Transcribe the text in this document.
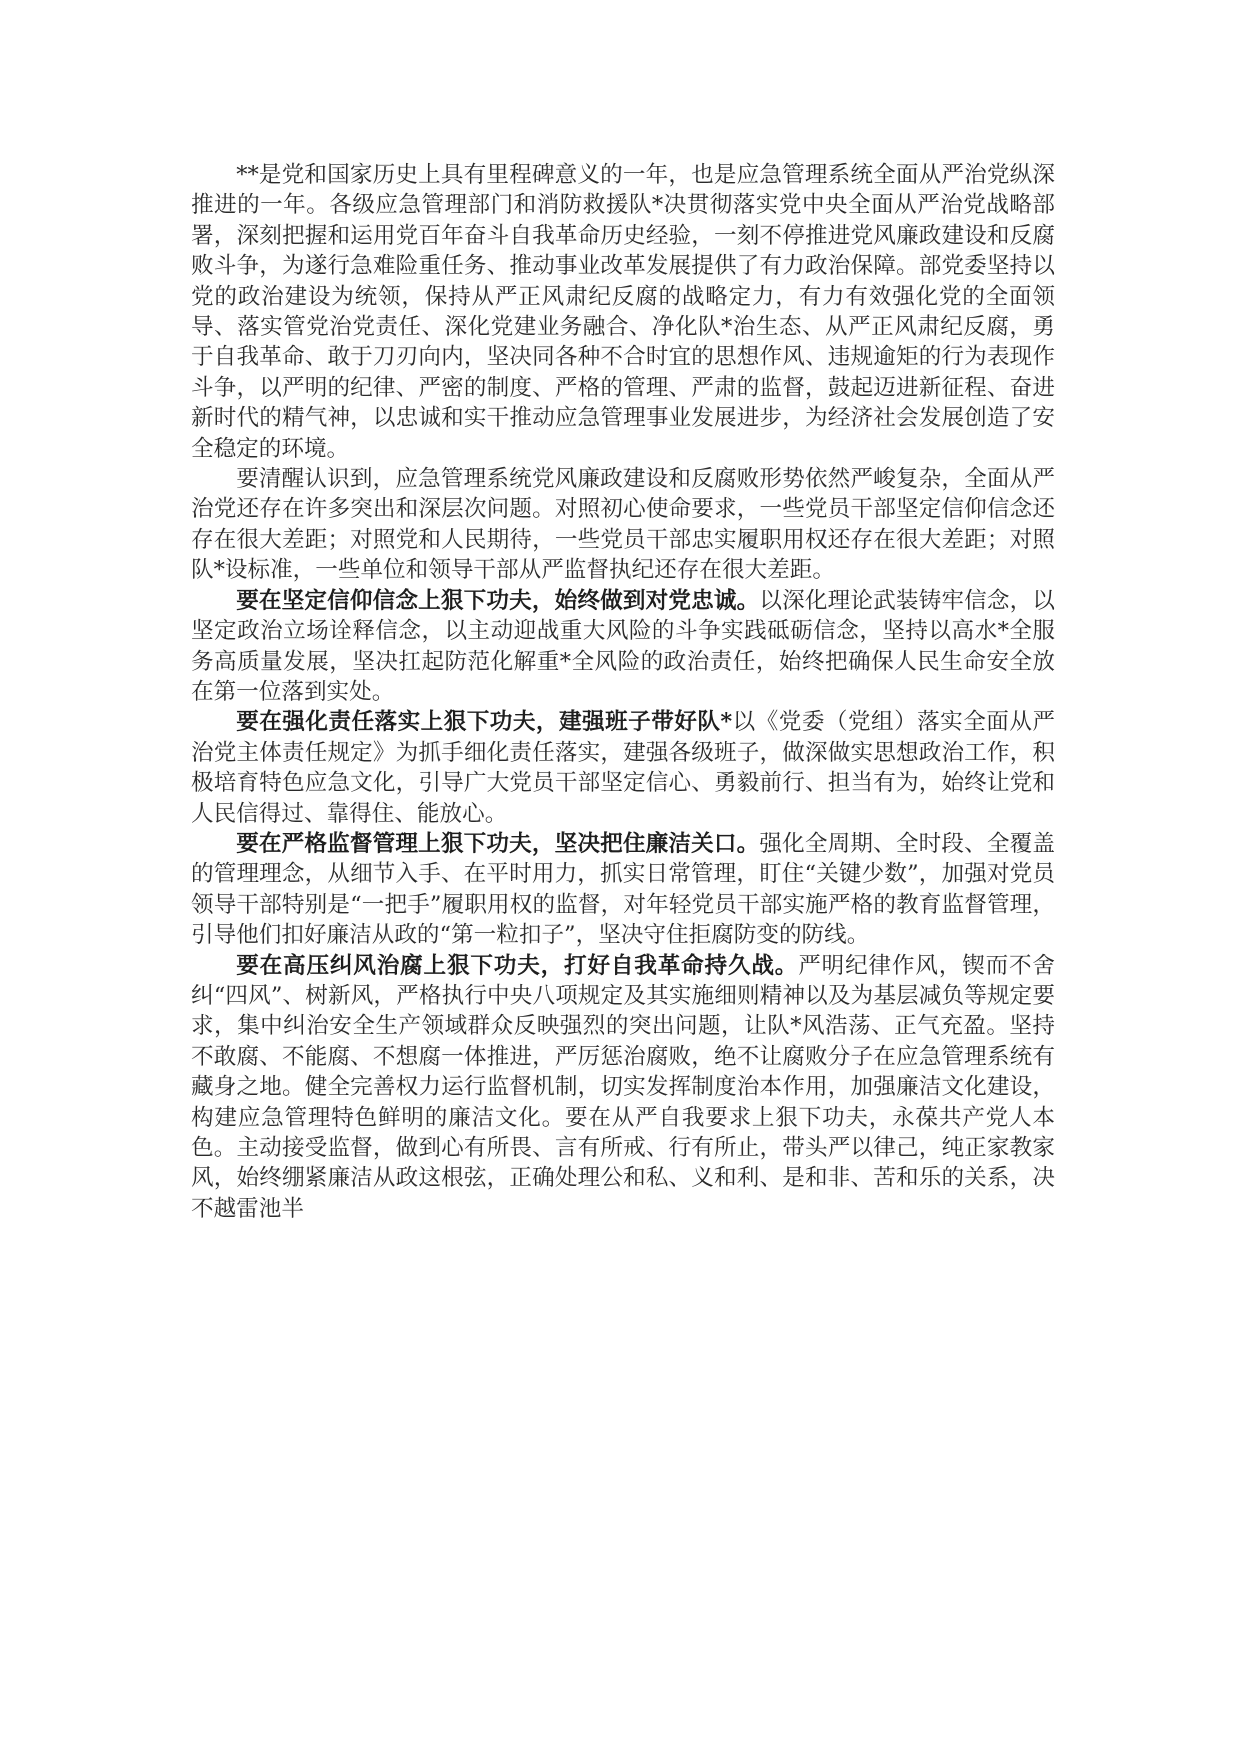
**是党和国家历史上具有里程碑意义的一年，也是应急管理系统全面从严治党纵深推进的一年。各级应急管理部门和消防救援队*决贯彻落实党中央全面从严治党战略部署，深刻把握和运用党百年奋斗自我革命历史经验，一刻不停推进党风廉政建设和反腐败斗争，为遂行急难险重任务、推动事业改革发展提供了有力政治保障。部党委坚持以党的政治建设为统领，保持从严正风肃纪反腐的战略定力，有力有效强化党的全面领导、落实管党治党责任、深化党建业务融合、净化队*治生态、从严正风肃纪反腐，勇于自我革命、敢于刀刃向内，坚决同各种不合时宜的思想作风、违规逾矩的行为表现作斗争，以严明的纪律、严密的制度、严格的管理、严肃的监督，鼓起迈进新征程、奋进新时代的精气神，以忠诚和实干推动应急管理事业发展进步，为经济社会发展创造了安全稳定的环境。

要清醒认识到，应急管理系统党风廉政建设和反腐败形势依然严峻复杂，全面从严治党还存在许多突出和深层次问题。对照初心使命要求，一些党员干部坚定信仰信念还存在很大差距；对照党和人民期待，一些党员干部忠实履职用权还存在很大差距；对照队*设标准，一些单位和领导干部从严监督执纪还存在很大差距。

要在坚定信仰信念上狠下功夫，始终做到对党忠诚。以深化理论武装铸牢信念，以坚定政治立场诠释信念，以主动迎战重大风险的斗争实践砥砺信念，坚持以高水*全服务高质量发展，坚决扛起防范化解重*全风险的政治责任，始终把确保人民生命安全放在第一位落到实处。

要在强化责任落实上狠下功夫，建强班子带好队*以《党委（党组）落实全面从严治党主体责任规定》为抓手细化责任落实，建强各级班子，做深做实思想政治工作，积极培育特色应急文化，引导广大党员干部坚定信心、勇毅前行、担当有为，始终让党和人民信得过、靠得住、能放心。

要在严格监督管理上狠下功夫，坚决把住廉洁关口。强化全周期、全时段、全覆盖的管理理念，从细节入手、在平时用力，抓实日常管理，盯住“关键少数”，加强对党员领导干部特别是“一把手”履职用权的监督，对年轻党员干部实施严格的教育监督管理，引导他们扣好廉洁从政的“第一粒扣子”，坚决守住拒腐防变的防线。

要在高压纠风治腐上狠下功夫，打好自我革命持久战。严明纪律作风，锲而不舍纠“四风”、树新风，严格执行中央八项规定及其实施细则精神以及为基层减负等规定要求，集中纠治安全生产领域群众反映强烈的突出问题，让队*风浩荡、正气充盈。坚持不敢腐、不能腐、不想腐一体推进，严厉惩治腐败，绝不让腐败分子在应急管理系统有藏身之地。健全完善权力运行监督机制，切实发挥制度治本作用，加强廉洁文化建设，构建应急管理特色鲜明的廉洁文化。要在从严自我要求上狠下功夫，永葆共产党人本色。主动接受监督，做到心有所畏、言有所戒、行有所止，带头严以律己，纯正家教家风，始终绷紧廉洁从政这根弦，正确处理公和私、义和利、是和非、苦和乐的关系，决不越雷池半
